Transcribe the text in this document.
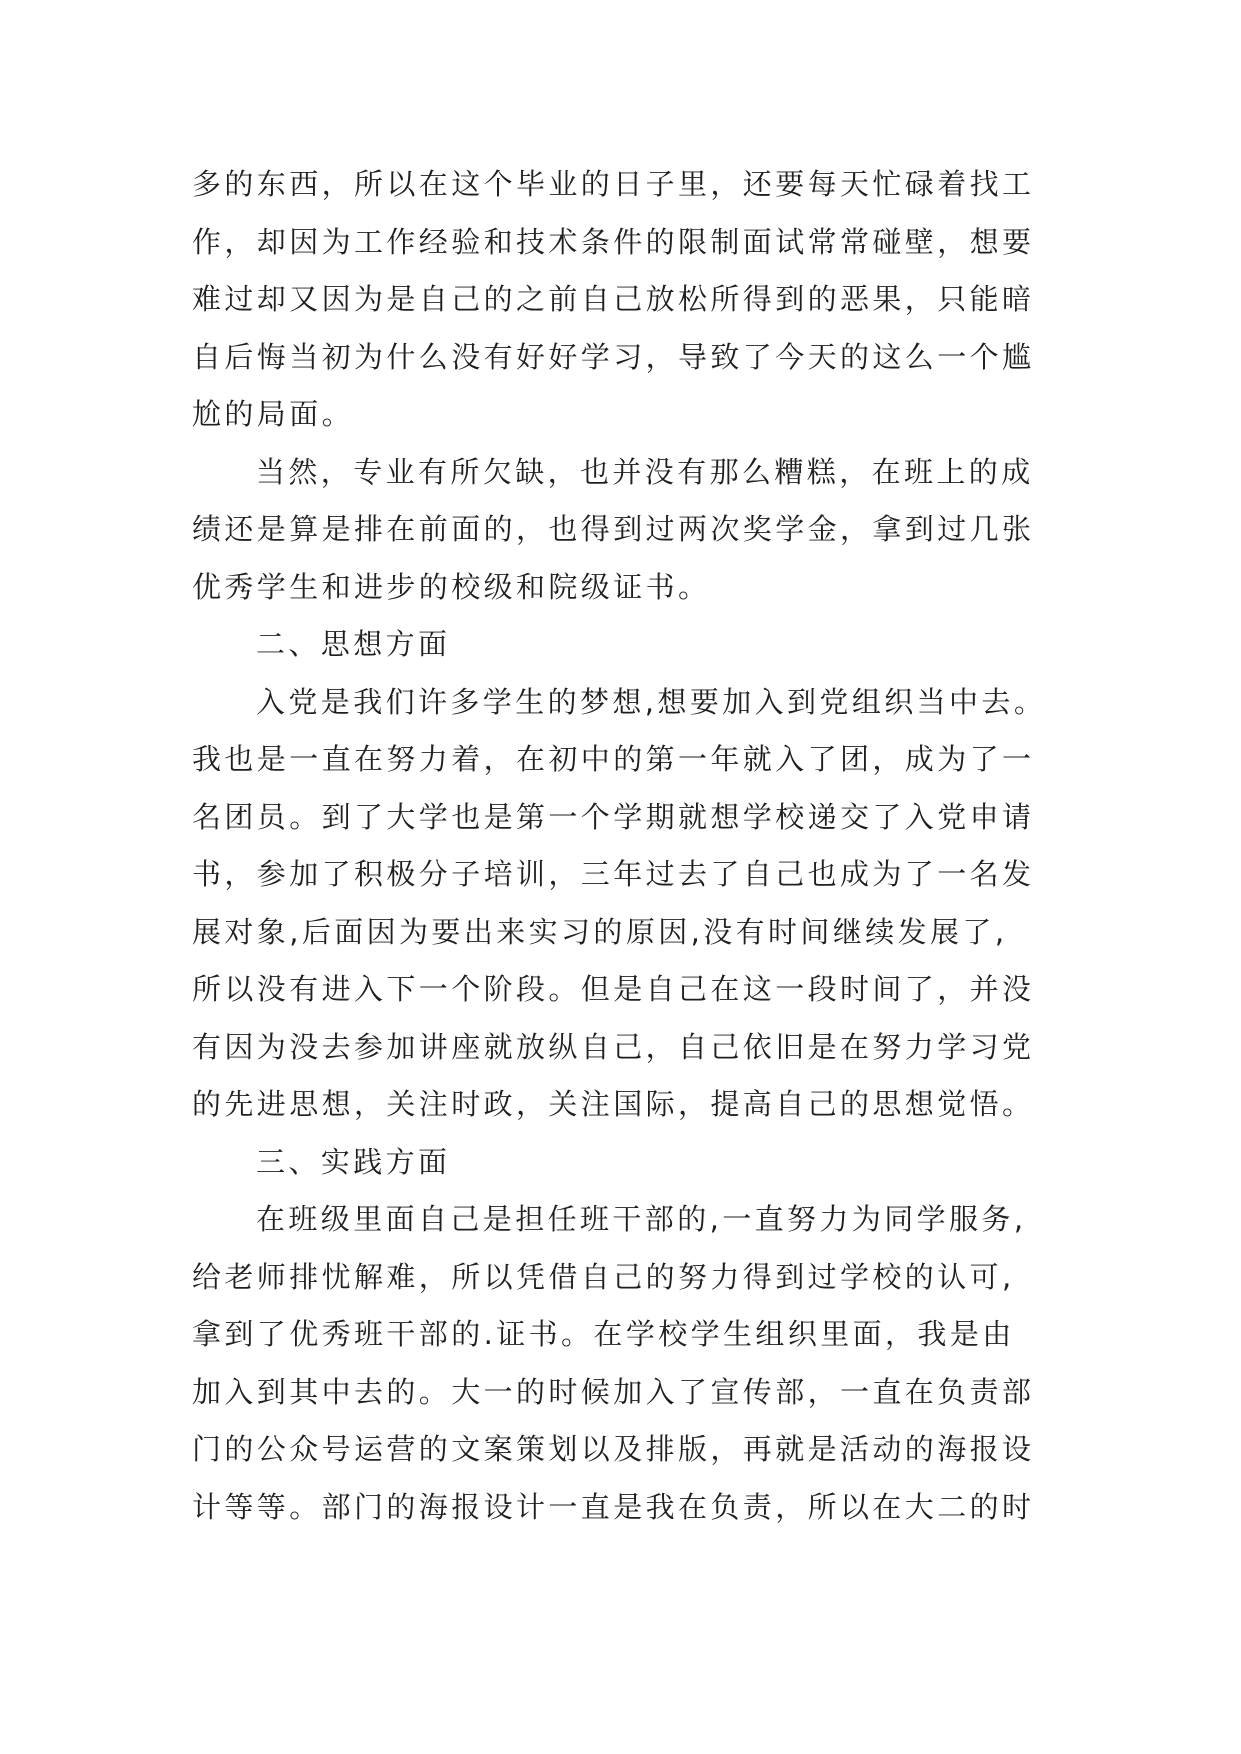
多的东西，所以在这个毕业的日子里，还要每天忙碌着找工
作，却因为工作经验和技术条件的限制面试常常碰壁，想要
难过却又因为是自己的之前自己放松所得到的恶果，只能暗
自后悔当初为什么没有好好学习，导致了今天的这么一个尴
尬的局面。
当然，专业有所欠缺，也并没有那么糟糕，在班上的成
绩还是算是排在前面的，也得到过两次奖学金，拿到过几张
优秀学生和进步的校级和院级证书。
二、思想方面
入党是我们许多学生的梦想,想要加入到党组织当中去。
我也是一直在努力着，在初中的第一年就入了团，成为了一
名团员。到了大学也是第一个学期就想学校递交了入党申请
书，参加了积极分子培训，三年过去了自己也成为了一名发
展对象,后面因为要出来实习的原因,没有时间继续发展了,
所以没有进入下一个阶段。但是自己在这一段时间了，并没
有因为没去参加讲座就放纵自己，自己依旧是在努力学习党
的先进思想，关注时政，关注国际，提高自己的思想觉悟。
三、实践方面
在班级里面自己是担任班干部的,一直努力为同学服务,
给老师排忧解难，所以凭借自己的努力得到过学校的认可,
拿到了优秀班干部的.证书。在学校学生组织里面，我是由
加入到其中去的。大一的时候加入了宣传部，一直在负责部
门的公众号运营的文案策划以及排版，再就是活动的海报设
计等等。部门的海报设计一直是我在负责，所以在大二的时
